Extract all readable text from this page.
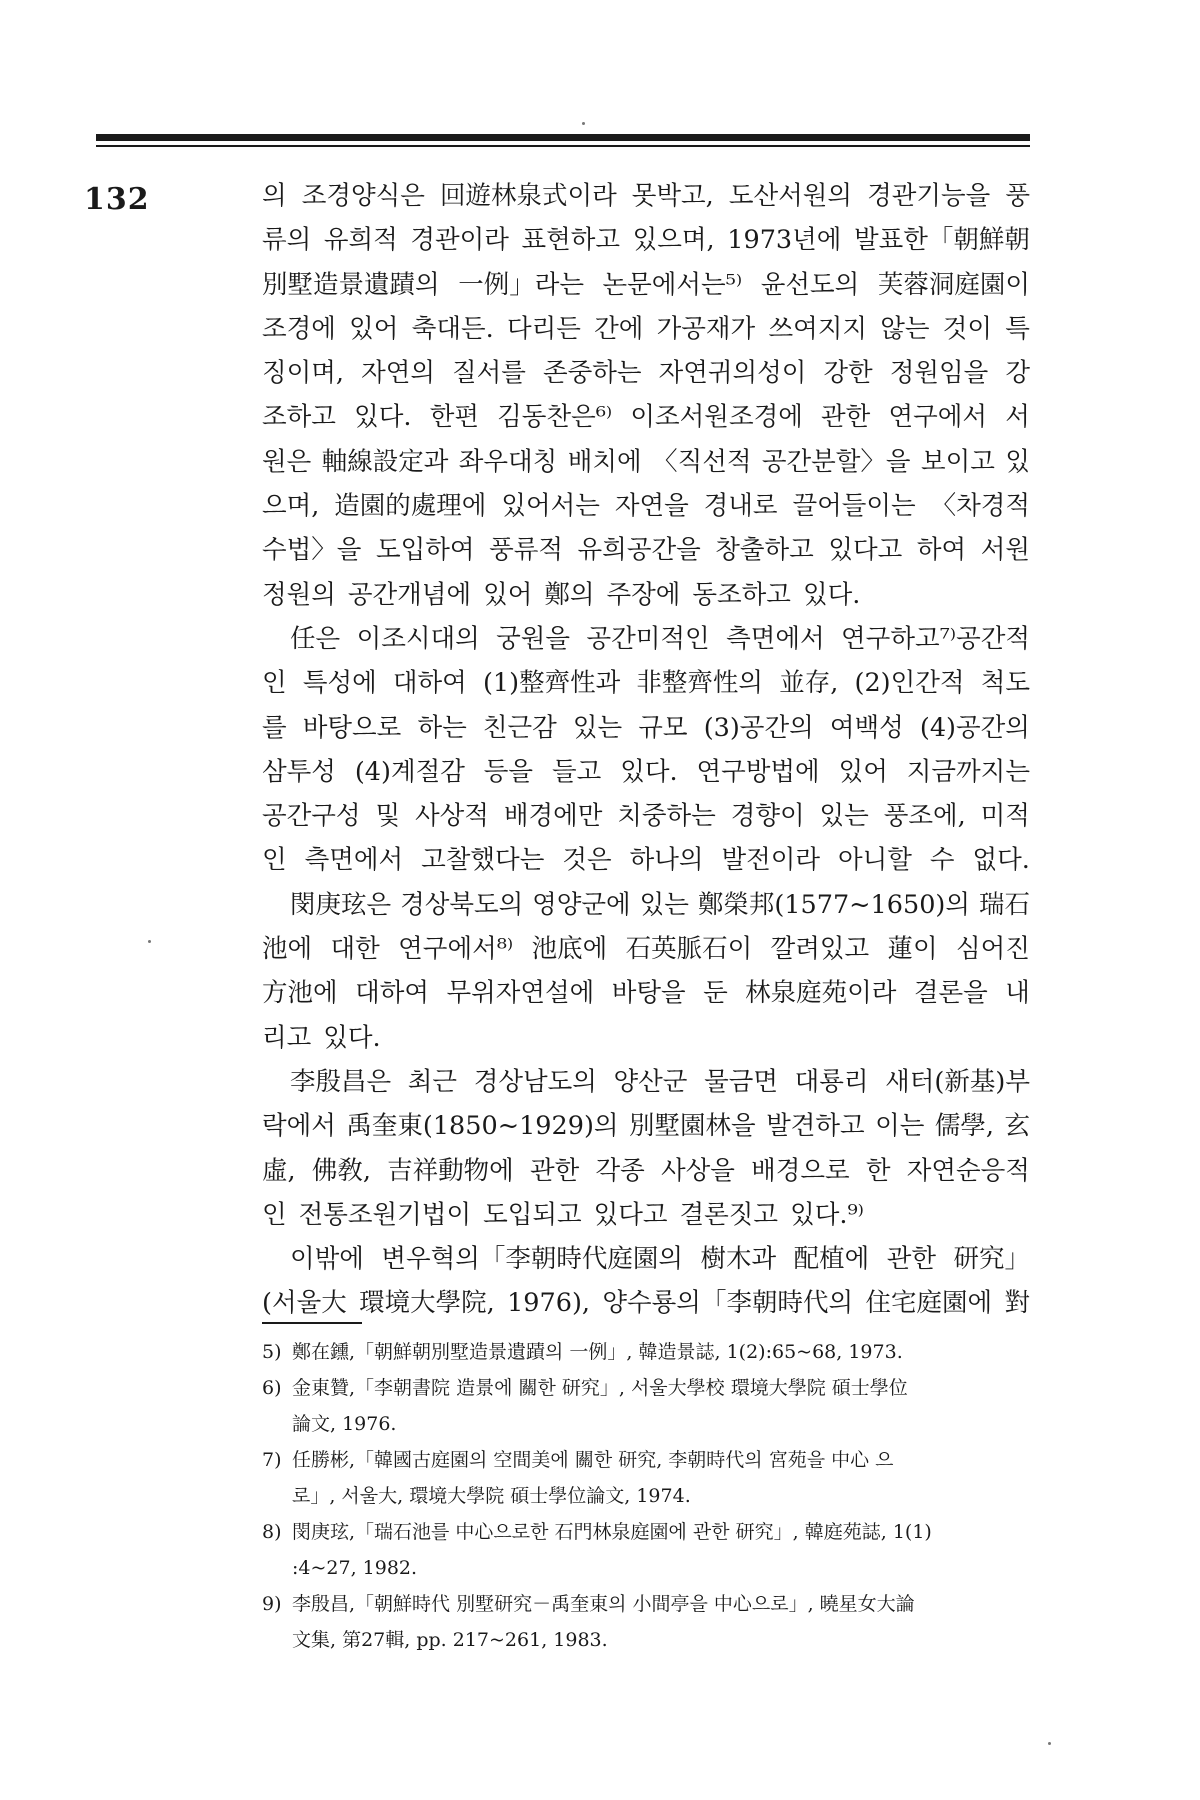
132	의 조경양식은 回遊林泉式이라 못박고, 도산서원의 경관기능을 풍
류의 유희적 경관이라 표현하고 있으며, 1973년에 발표한「朝鮮朝
別墅造景遺蹟의 一例」라는 논문에서는⁵⁾ 윤선도의 芙蓉洞庭園이
조경에 있어 축대든. 다리든 간에 가공재가 쓰여지지 않는 것이 특
징이며, 자연의 질서를 존중하는 자연귀의성이 강한 정원임을 강
조하고 있다. 한편 김동찬은⁶⁾ 이조서원조경에 관한 연구에서 서
원은 軸線設定과 좌우대칭 배치에 〈직선적 공간분할〉을 보이고 있
으며, 造園的處理에 있어서는 자연을 경내로 끌어들이는 〈차경적
수법〉을 도입하여 풍류적 유희공간을 창출하고 있다고 하여 서원
정원의 공간개념에 있어 鄭의 주장에 동조하고 있다.
任은 이조시대의 궁원을 공간미적인 측면에서 연구하고⁷⁾공간적
인 특성에 대하여 (1)整齊性과 非整齊性의 並存, (2)인간적 척도
를 바탕으로 하는 친근감 있는 규모 (3)공간의 여백성 (4)공간의
삼투성 (4)계절감 등을 들고 있다. 연구방법에 있어 지금까지는
공간구성 및 사상적 배경에만 치중하는 경향이 있는 풍조에, 미적
인 측면에서 고찰했다는 것은 하나의 발전이라 아니할 수 없다.
閔庚玹은 경상북도의 영양군에 있는 鄭榮邦(1577~1650)의 瑞石
池에 대한 연구에서⁸⁾ 池底에 石英脈石이 깔려있고 蓮이 심어진
方池에 대하여 무위자연설에 바탕을 둔 林泉庭苑이라 결론을 내
리고 있다.
李殷昌은 최근 경상남도의 양산군 물금면 대룡리 새터(新基)부
락에서 禹奎東(1850~1929)의 別墅園林을 발견하고 이는 儒學, 玄
虛, 佛敎, 吉祥動物에 관한 각종 사상을 배경으로 한 자연순응적
인 전통조원기법이 도입되고 있다고 결론짓고 있다.⁹⁾
이밖에 변우혁의「李朝時代庭園의 樹木과 配植에 관한 研究」
(서울大 環境大學院, 1976), 양수룡의「李朝時代의 住宅庭園에 對
5) 鄭在鑂,「朝鮮朝別墅造景遺蹟의 一例」, 韓造景誌, 1(2):65~68, 1973.
6) 金東贊,「李朝書院 造景에 關한 研究」, 서울大學校 環境大學院 碩士學位
論文, 1976.
7) 任勝彬,「韓國古庭園의 空間美에 關한 研究, 李朝時代의 宮苑을 中心 으
로」, 서울大, 環境大學院 碩士學位論文, 1974.
8) 閔庚玹,「瑞石池를 中心으로한 石門林泉庭園에 관한 研究」, 韓庭苑誌, 1(1)
:4~27, 1982.
9) 李殷昌,「朝鮮時代 別墅研究－禹奎東의 小間亭을 中心으로」, 曉星女大論
文集, 第27輯, pp. 217~261, 1983.
